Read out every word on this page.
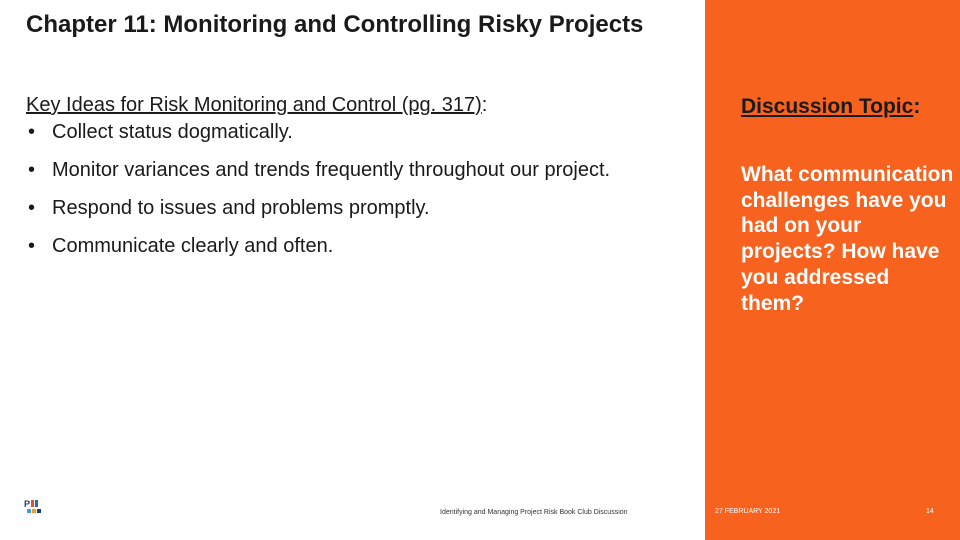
Chapter 11: Monitoring and Controlling Risky Projects
Key Ideas for Risk Monitoring and Control (pg. 317):
• Collect status dogmatically.
• Monitor variances and trends frequently throughout our project.
• Respond to issues and problems promptly.
• Communicate clearly and often.
Discussion Topic:
What communication challenges have you had on your projects? How have you addressed them?
P
Identifying and Managing Project Risk Book Club Discussion	27 FEBRUARY 2021	14
